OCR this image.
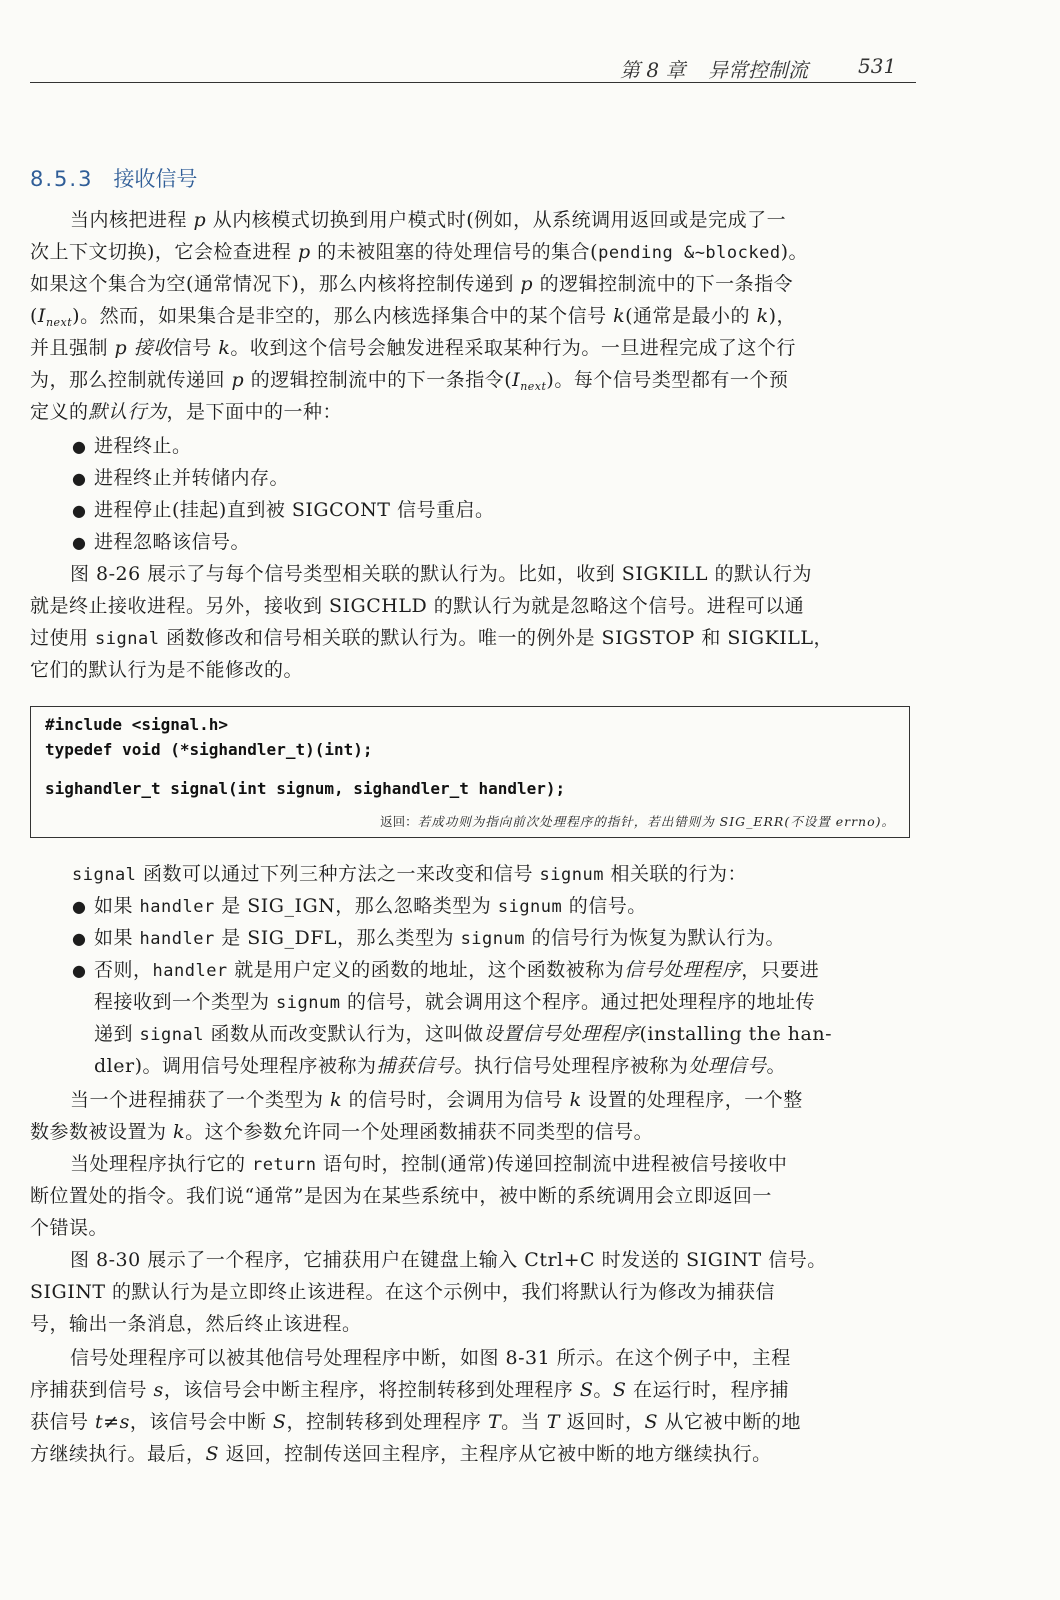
第 8 章 异常控制流	531
8.5.3 接收信号
当内核把进程 p 从内核模式切换到用户模式时(例如，从系统调用返回或是完成了一
次上下文切换)，它会检查进程 p 的未被阻塞的待处理信号的集合(pending &~blocked)。
如果这个集合为空(通常情况下)，那么内核将控制传递到 p 的逻辑控制流中的下一条指令
$(I_{next})$。然而，如果集合是非空的，那么内核选择集合中的某个信号 k(通常是最小的 k)，
并且强制 p 接收信号 k。收到这个信号会触发进程采取某种行为。一旦进程完成了这个行
为，那么控制就传递回 p 的逻辑控制流中的下一条指令$(I_{next})$。每个信号类型都有一个预
定义的默认行为，是下面中的一种：
● 进程终止。
● 进程终止并转储内存。
● 进程停止(挂起)直到被 SIGCONT 信号重启。
● 进程忽略该信号。
图 8-26 展示了与每个信号类型相关联的默认行为。比如，收到 SIGKILL 的默认行为
就是终止接收进程。另外，接收到 SIGCHLD 的默认行为就是忽略这个信号。进程可以通
过使用 signal 函数修改和信号相关联的默认行为。唯一的例外是 SIGSTOP 和 SIGKILL，
它们的默认行为是不能修改的。
#include <signal.h>
typedef void (*sighandler_t)(int);
sighandler_t signal(int signum, sighandler_t handler);
返回：若成功则为指向前次处理程序的指针，若出错则为 SIG_ERR(不设置 errno)。
signal 函数可以通过下列三种方法之一来改变和信号 signum 相关联的行为：
● 如果 handler 是 SIG_IGN，那么忽略类型为 signum 的信号。
● 如果 handler 是 SIG_DFL，那么类型为 signum 的信号行为恢复为默认行为。
● 否则，handler 就是用户定义的函数的地址，这个函数被称为信号处理程序，只要进
程接收到一个类型为 signum 的信号，就会调用这个程序。通过把处理程序的地址传
递到 signal 函数从而改变默认行为，这叫做设置信号处理程序(installing the han-
dler)。调用信号处理程序被称为捕获信号。执行信号处理程序被称为处理信号。
当一个进程捕获了一个类型为 k 的信号时，会调用为信号 k 设置的处理程序，一个整
数参数被设置为 k。这个参数允许同一个处理函数捕获不同类型的信号。
当处理程序执行它的 return 语句时，控制(通常)传递回控制流中进程被信号接收中
断位置处的指令。我们说“通常”是因为在某些系统中，被中断的系统调用会立即返回一
个错误。
图 8-30 展示了一个程序，它捕获用户在键盘上输入 Ctrl+C 时发送的 SIGINT 信号。
SIGINT 的默认行为是立即终止该进程。在这个示例中，我们将默认行为修改为捕获信
号，输出一条消息，然后终止该进程。
信号处理程序可以被其他信号处理程序中断，如图 8-31 所示。在这个例子中，主程
序捕获到信号 s，该信号会中断主程序，将控制转移到处理程序 S。S 在运行时，程序捕
获信号 t≠s，该信号会中断 S，控制转移到处理程序 T。当 T 返回时，S 从它被中断的地
方继续执行。最后，S 返回，控制传送回主程序，主程序从它被中断的地方继续执行。
